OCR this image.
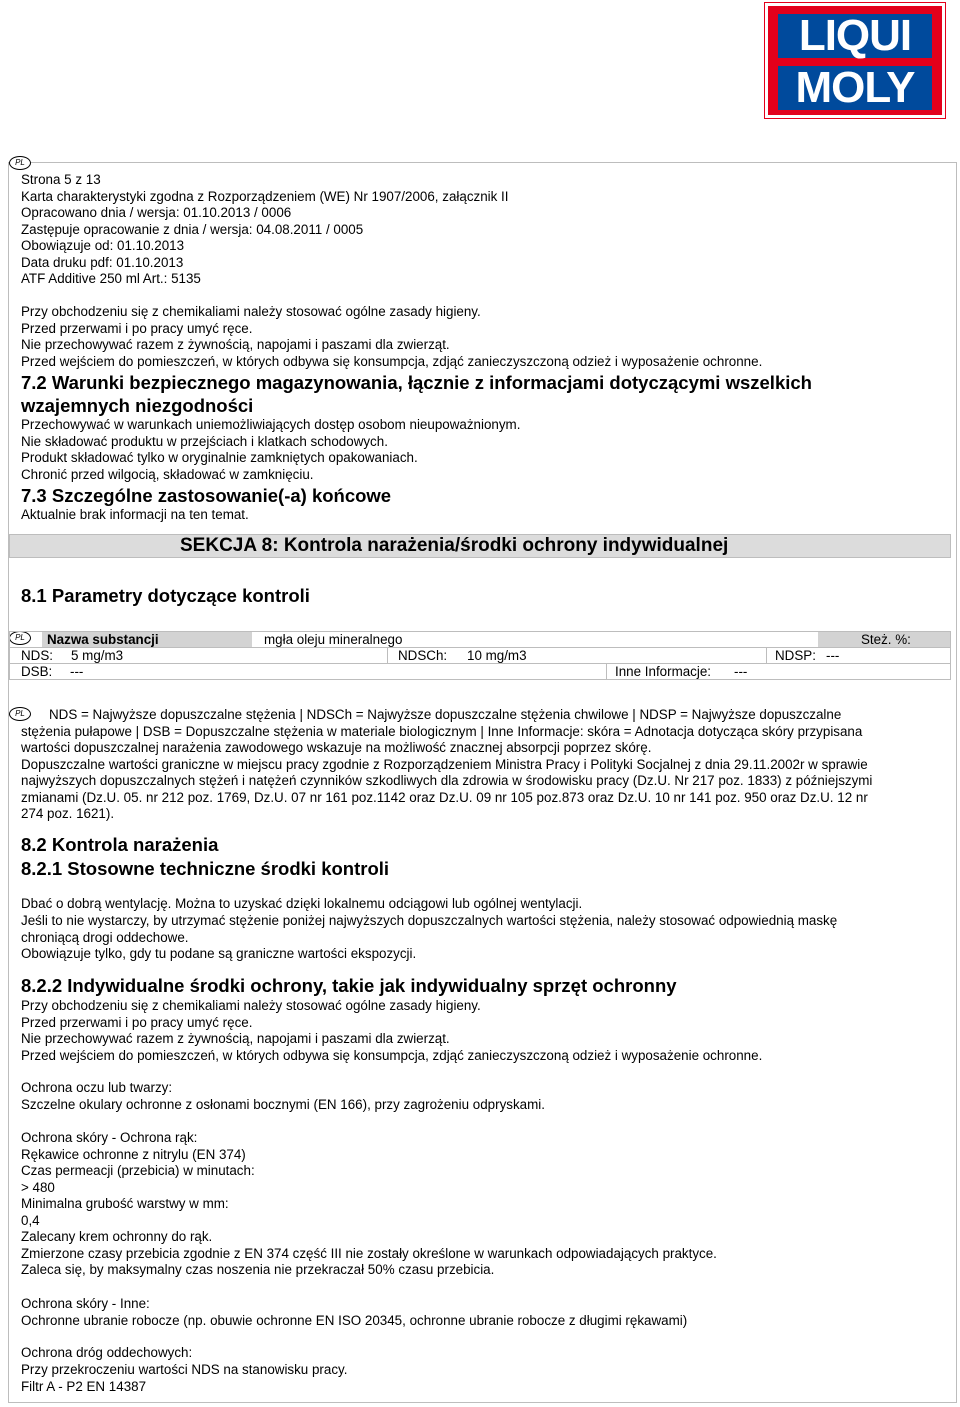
LIQUI
MOLY
PL
Strona 5 z 13
Karta charakterystyki zgodna z Rozporządzeniem (WE) Nr 1907/2006, załącznik II
Opracowano dnia / wersja: 01.10.2013 / 0006
Zastępuje opracowanie z dnia / wersja: 04.08.2011 / 0005
Obowiązuje od: 01.10.2013
Data druku pdf: 01.10.2013
ATF Additive 250 ml Art.: 5135
Przy obchodzeniu się z chemikaliami należy stosować ogólne zasady higieny.
Przed przerwami i po pracy umyć ręce.
Nie przechowywać razem z żywnością, napojami i paszami dla zwierząt.
Przed wejściem do pomieszczeń, w których odbywa się konsumpcja, zdjąć zanieczyszczoną odzież i wyposażenie ochronne.
7.2 Warunki bezpiecznego magazynowania, łącznie z informacjami dotyczącymi wszelkich
wzajemnych niezgodności
Przechowywać w warunkach uniemożliwiających dostęp osobom nieupoważnionym.
Nie składować produktu w przejściach i klatkach schodowych.
Produkt składować tylko w oryginalnie zamkniętych opakowaniach.
Chronić przed wilgocią, składować w zamknięciu.
7.3 Szczególne zastosowanie(-a) końcowe
Aktualnie brak informacji na ten temat.
SEKCJA 8: Kontrola narażenia/środki ochrony indywidualnej
8.1 Parametry dotyczące kontroli
PL	Nazwa substancji	mgła oleju mineralnego	Steż. %:
NDS: 5 mg/m3	NDSCh: 10 mg/m3	NDSP: ---
DSB: ---	Inne Informacje: ---
PL	NDS = Najwyższe dopuszczalne stężenia | NDSCh = Najwyższe dopuszczalne stężenia chwilowe | NDSP = Najwyższe dopuszczalne
stężenia pułapowe | DSB = Dopuszczalne stężenia w materiale biologicznym | Inne Informacje: skóra = Adnotacja dotycząca skóry przypisana
wartości dopuszczalnej narażenia zawodowego wskazuje na możliwość znacznej absorpcji poprzez skórę.
Dopuszczalne wartości graniczne w miejscu pracy zgodnie z Rozporządzeniem Ministra Pracy i Polityki Socjalnej z dnia 29.11.2002r w sprawie
najwyższych dopuszczalnych stężeń i natężeń czynników szkodliwych dla zdrowia w środowisku pracy (Dz.U. Nr 217 poz. 1833) z późniejszymi
zmianami (Dz.U. 05. nr 212 poz. 1769, Dz.U. 07 nr 161 poz.1142 oraz Dz.U. 09 nr 105 poz.873 oraz Dz.U. 10 nr 141 poz. 950 oraz Dz.U. 12 nr
274 poz. 1621).
8.2 Kontrola narażenia
8.2.1 Stosowne techniczne środki kontroli
Dbać o dobrą wentylację. Można to uzyskać dzięki lokalnemu odciągowi lub ogólnej wentylacji.
Jeśli to nie wystarczy, by utrzymać stężenie poniżej najwyższych dopuszczalnych wartości stężenia, należy stosować odpowiednią maskę
chroniącą drogi oddechowe.
Obowiązuje tylko, gdy tu podane są graniczne wartości ekspozycji.
8.2.2 Indywidualne środki ochrony, takie jak indywidualny sprzęt ochronny
Przy obchodzeniu się z chemikaliami należy stosować ogólne zasady higieny.
Przed przerwami i po pracy umyć ręce.
Nie przechowywać razem z żywnością, napojami i paszami dla zwierząt.
Przed wejściem do pomieszczeń, w których odbywa się konsumpcja, zdjąć zanieczyszczoną odzież i wyposażenie ochronne.
Ochrona oczu lub twarzy:
Szczelne okulary ochronne z osłonami bocznymi (EN 166), przy zagrożeniu odpryskami.
Ochrona skóry - Ochrona rąk:
Rękawice ochronne z nitrylu (EN 374)
Czas permeacji (przebicia) w minutach:
> 480
Minimalna grubość warstwy w mm:
0,4
Zalecany krem ochronny do rąk.
Zmierzone czasy przebicia zgodnie z EN 374 część III nie zostały określone w warunkach odpowiadających praktyce.
Zaleca się, by maksymalny czas noszenia nie przekraczał 50% czasu przebicia.
Ochrona skóry - Inne:
Ochronne ubranie robocze (np. obuwie ochronne EN ISO 20345, ochronne ubranie robocze z długimi rękawami)
Ochrona dróg oddechowych:
Przy przekroczeniu wartości NDS na stanowisku pracy.
Filtr A - P2 EN 14387
